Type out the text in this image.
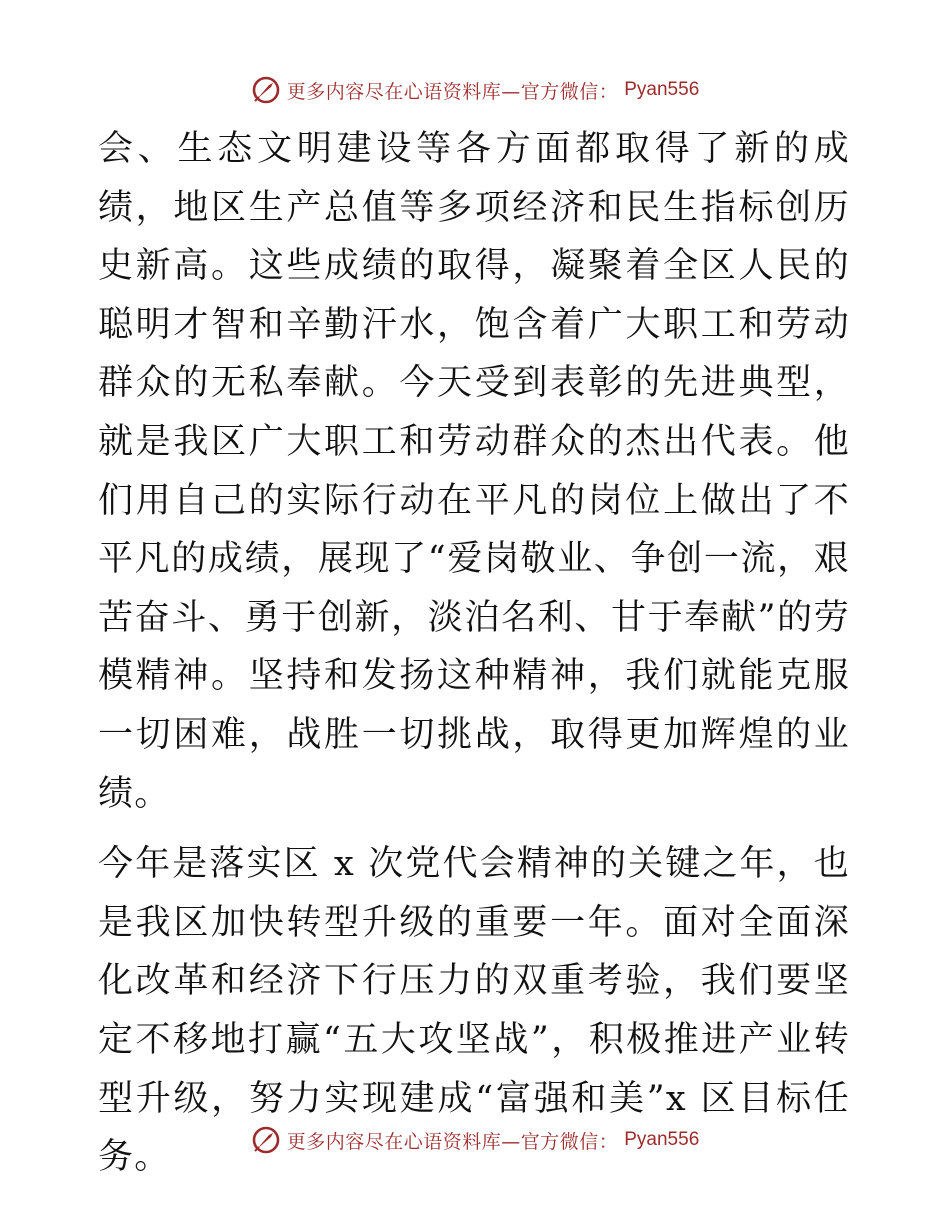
更多内容尽在心语资料库—官方微信： Pyan556

会、生态文明建设等各方面都取得了新的成绩，地区生产总值等多项经济和民生指标创历史新高。这些成绩的取得，凝聚着全区人民的聪明才智和辛勤汗水，饱含着广大职工和劳动群众的无私奉献。今天受到表彰的先进典型，就是我区广大职工和劳动群众的杰出代表。他们用自己的实际行动在平凡的岗位上做出了不平凡的成绩，展现了“爱岗敬业、争创一流，艰苦奋斗、勇于创新，淡泊名利、甘于奉献”的劳模精神。坚持和发扬这种精神，我们就能克服一切困难，战胜一切挑战，取得更加辉煌的业绩。

今年是落实区 x 次党代会精神的关键之年，也是我区加快转型升级的重要一年。面对全面深化改革和经济下行压力的双重考验，我们要坚定不移地打赢“五大攻坚战”，积极推进产业转型升级，努力实现建成“富强和美”x 区目标任务。	更多内容尽在心语资料库—官方微信： Pyan556
